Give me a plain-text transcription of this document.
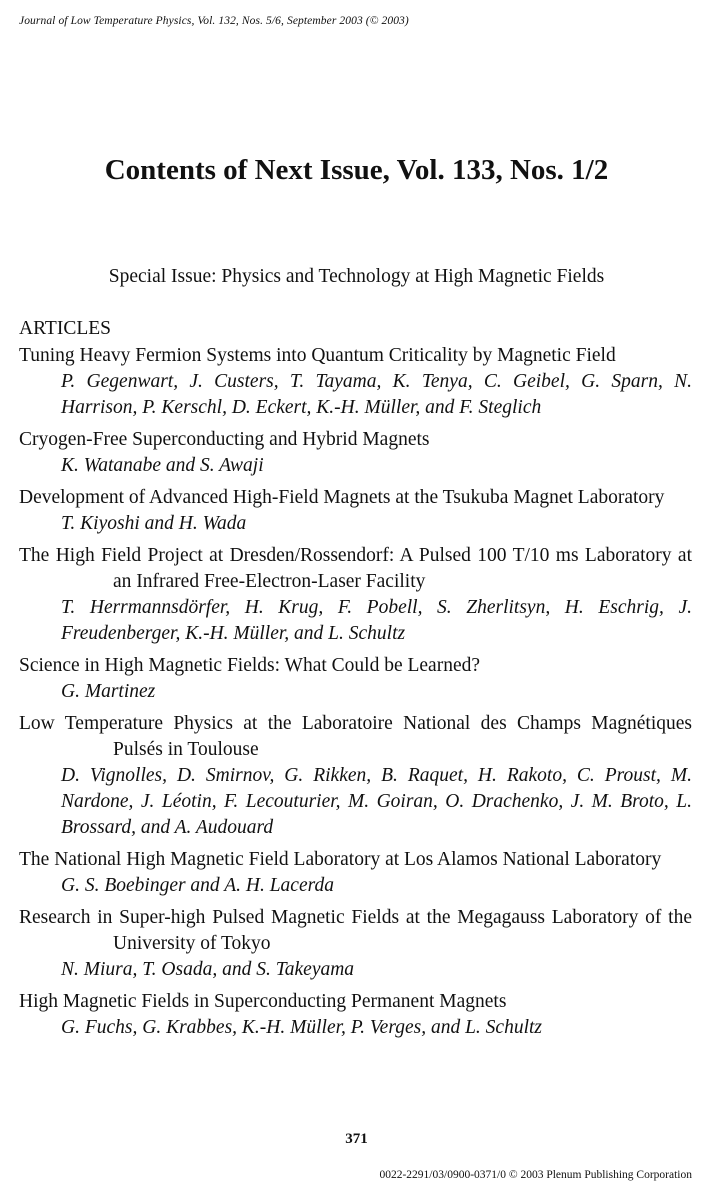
Journal of Low Temperature Physics, Vol. 132, Nos. 5/6, September 2003 (© 2003)
Contents of Next Issue, Vol. 133, Nos. 1/2
Special Issue: Physics and Technology at High Magnetic Fields
ARTICLES
Tuning Heavy Fermion Systems into Quantum Criticality by Magnetic Field
P. Gegenwart, J. Custers, T. Tayama, K. Tenya, C. Geibel, G. Sparn, N. Harrison, P. Kerschl, D. Eckert, K.-H. Müller, and F. Steglich
Cryogen-Free Superconducting and Hybrid Magnets
K. Watanabe and S. Awaji
Development of Advanced High-Field Magnets at the Tsukuba Magnet Laboratory
T. Kiyoshi and H. Wada
The High Field Project at Dresden/Rossendorf: A Pulsed 100 T/10 ms Laboratory at an Infrared Free-Electron-Laser Facility
T. Herrmannsdörfer, H. Krug, F. Pobell, S. Zherlitsyn, H. Eschrig, J. Freudenberger, K.-H. Müller, and L. Schultz
Science in High Magnetic Fields: What Could be Learned?
G. Martinez
Low Temperature Physics at the Laboratoire National des Champs Magnétiques Pulsés in Toulouse
D. Vignolles, D. Smirnov, G. Rikken, B. Raquet, H. Rakoto, C. Proust, M. Nardone, J. Léotin, F. Lecouturier, M. Goiran, O. Drachenko, J. M. Broto, L. Brossard, and A. Audouard
The National High Magnetic Field Laboratory at Los Alamos National Laboratory
G. S. Boebinger and A. H. Lacerda
Research in Super-high Pulsed Magnetic Fields at the Megagauss Laboratory of the University of Tokyo
N. Miura, T. Osada, and S. Takeyama
High Magnetic Fields in Superconducting Permanent Magnets
G. Fuchs, G. Krabbes, K.-H. Müller, P. Verges, and L. Schultz
371
0022-2291/03/0900-0371/0 © 2003 Plenum Publishing Corporation
